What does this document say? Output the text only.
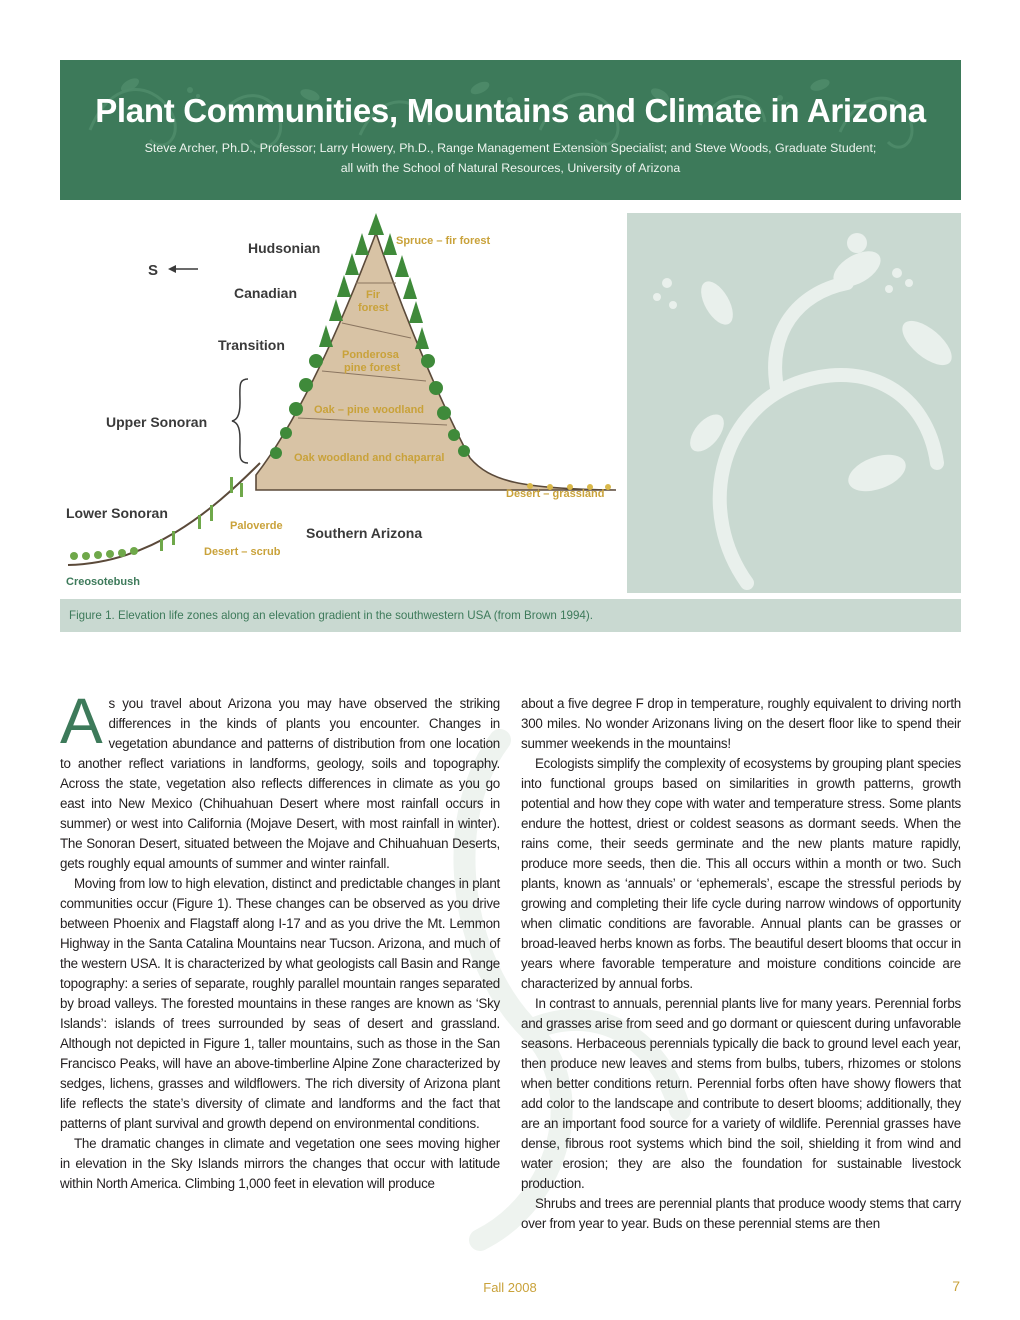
Plant Communities, Mountains and Climate in Arizona
Steve Archer, Ph.D., Professor; Larry Howery, Ph.D., Range Management Extension Specialist; and Steve Woods, Graduate Student;
all with the School of Natural Resources, University of Arizona
Hudsonian
S
Canadian
Transition
Upper Sonoran
Lower Sonoran
Spruce – fir forest
Fir
forest
Ponderosa
pine forest
Oak – pine woodland
Oak woodland and chaparral
Desert – grassland
Paloverde Southern Arizona
Desert – scrub
Creosotebush
Figure 1. Elevation life zones along an elevation gradient in the southwestern USA (from Brown 1994).

As you travel about Arizona you may have observed the striking differences in the kinds of plants you encounter. Changes in vegetation abundance and patterns of distribution from one location to another reflect variations in landforms, geology, soils and topography. Across the state, vegetation also reflects differences in climate as you go east into New Mexico (Chihuahuan Desert where most rainfall occurs in summer) or west into California (Mojave Desert, with most rainfall in winter). The Sonoran Desert, situated between the Mojave and Chihuahuan Deserts, gets roughly equal amounts of summer and winter rainfall.

Moving from low to high elevation, distinct and predictable changes in plant communities occur (Figure 1). These changes can be observed as you drive between Phoenix and Flagstaff along I-17 and as you drive the Mt. Lemmon Highway in the Santa Catalina Mountains near Tucson. Arizona, and much of the western USA. It is characterized by what geologists call Basin and Range topography: a series of separate, roughly parallel mountain ranges separated by broad valleys. The forested mountains in these ranges are known as ‘Sky Islands’: islands of trees surrounded by seas of desert and grassland. Although not depicted in Figure 1, taller mountains, such as those in the San Francisco Peaks, will have an above-timberline Alpine Zone characterized by sedges, lichens, grasses and wildflowers. The rich diversity of Arizona plant life reflects the state’s diversity of climate and landforms and the fact that patterns of plant survival and growth depend on environmental conditions.

The dramatic changes in climate and vegetation one sees moving higher in elevation in the Sky Islands mirrors the changes that occur with latitude within North America. Climbing 1,000 feet in elevation will produce

about a five degree F drop in temperature, roughly equivalent to driving north 300 miles. No wonder Arizonans living on the desert floor like to spend their summer weekends in the mountains!

Ecologists simplify the complexity of ecosystems by grouping plant species into functional groups based on similarities in growth patterns, growth potential and how they cope with water and temperature stress. Some plants endure the hottest, driest or coldest seasons as dormant seeds. When the rains come, their seeds germinate and the new plants mature rapidly, produce more seeds, then die. This all occurs within a month or two. Such plants, known as ‘annuals’ or ‘ephemerals’, escape the stressful periods by growing and completing their life cycle during narrow windows of opportunity when climatic conditions are favorable. Annual plants can be grasses or broad-leaved herbs known as forbs. The beautiful desert blooms that occur in years where favorable temperature and moisture conditions coincide are characterized by annual forbs.

In contrast to annuals, perennial plants live for many years. Perennial forbs and grasses arise from seed and go dormant or quiescent during unfavorable seasons. Herbaceous perennials typically die back to ground level each year, then produce new leaves and stems from bulbs, tubers, rhizomes or stolons when better conditions return. Perennial forbs often have showy flowers that add color to the landscape and contribute to desert blooms; additionally, they are an important food source for a variety of wildlife. Perennial grasses have dense, fibrous root systems which bind the soil, shielding it from wind and water erosion; they are also the foundation for sustainable livestock production.

Shrubs and trees are perennial plants that produce woody stems that carry over from year to year. Buds on these perennial stems are then

Fall 2008	7
